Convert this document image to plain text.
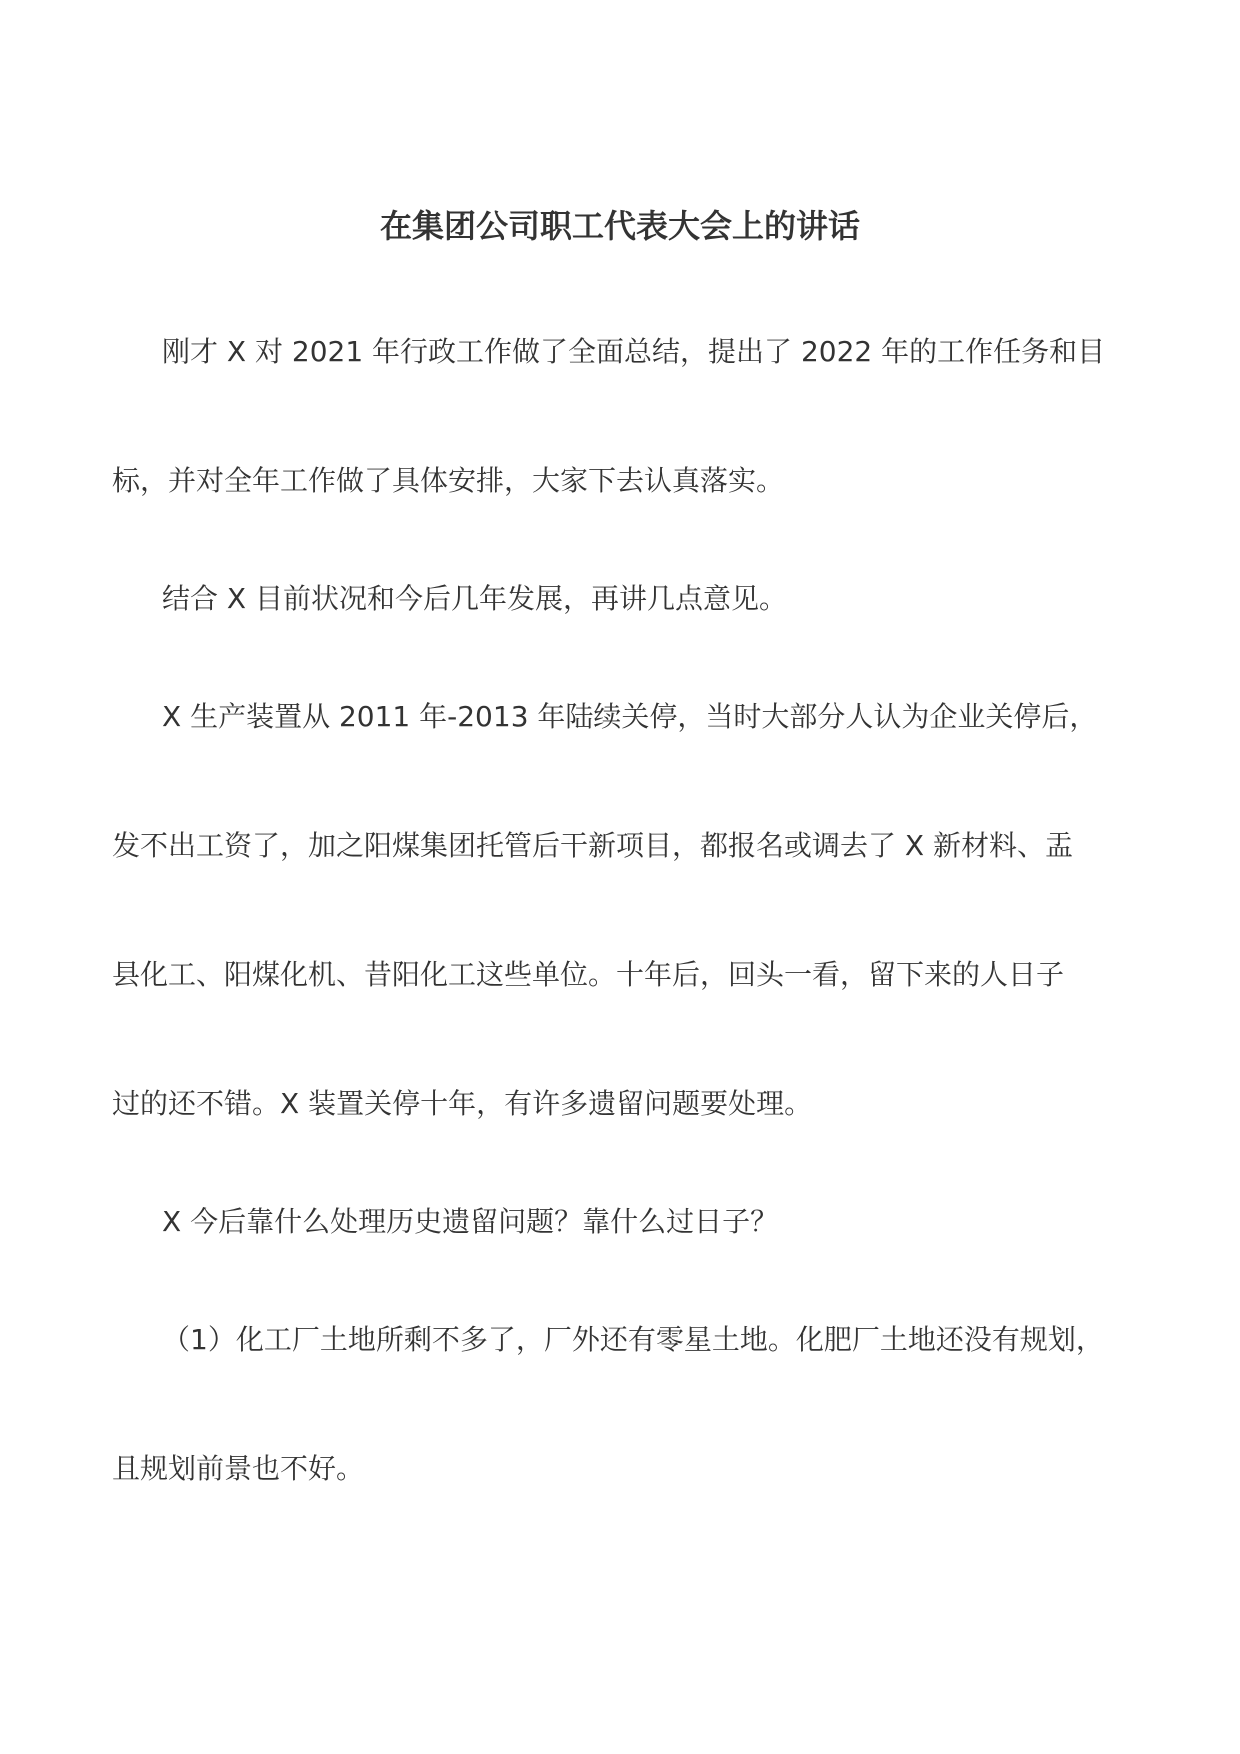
在集团公司职工代表大会上的讲话

刚才 X 对 2021 年行政工作做了全面总结，提出了 2022 年的工作任务和目

标，并对全年工作做了具体安排，大家下去认真落实。

结合 X 目前状况和今后几年发展，再讲几点意见。

X 生产装置从 2011 年-2013 年陆续关停，当时大部分人认为企业关停后，

发不出工资了，加之阳煤集团托管后干新项目，都报名或调去了 X 新材料、盂

县化工、阳煤化机、昔阳化工这些单位。十年后，回头一看，留下来的人日子

过的还不错。X 装置关停十年，有许多遗留问题要处理。

X 今后靠什么处理历史遗留问题？靠什么过日子？

（1）化工厂土地所剩不多了，厂外还有零星土地。化肥厂土地还没有规划，

且规划前景也不好。
